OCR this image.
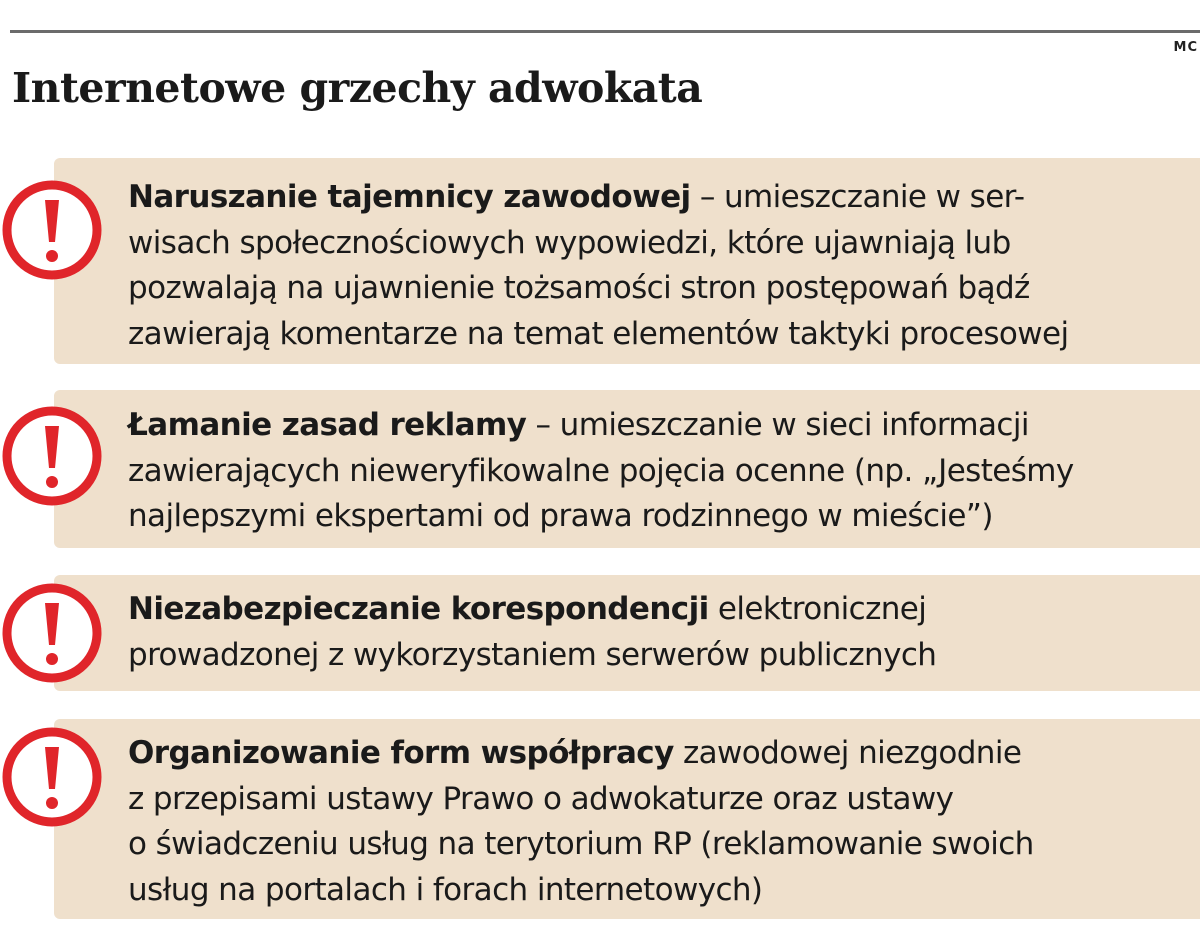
MC
Internetowe grzechy adwokata

Naruszanie tajemnicy zawodowej – umieszczanie w ser-
wisach społecznościowych wypowiedzi, które ujawniają lub
pozwalają na ujawnienie tożsamości stron postępowań bądź
zawierają komentarze na temat elementów taktyki procesowej

Łamanie zasad reklamy – umieszczanie w sieci informacji
zawierających nieweryfikowalne pojęcia ocenne (np. „Jesteśmy
najlepszymi ekspertami od prawa rodzinnego w mieście”)

Niezabezpieczanie korespondencji elektronicznej
prowadzonej z wykorzystaniem serwerów publicznych

Organizowanie form współpracy zawodowej niezgodnie
z przepisami ustawy Prawo o adwokaturze oraz ustawy
o świadczeniu usług na terytorium RP (reklamowanie swoich
usług na portalach i forach internetowych)
